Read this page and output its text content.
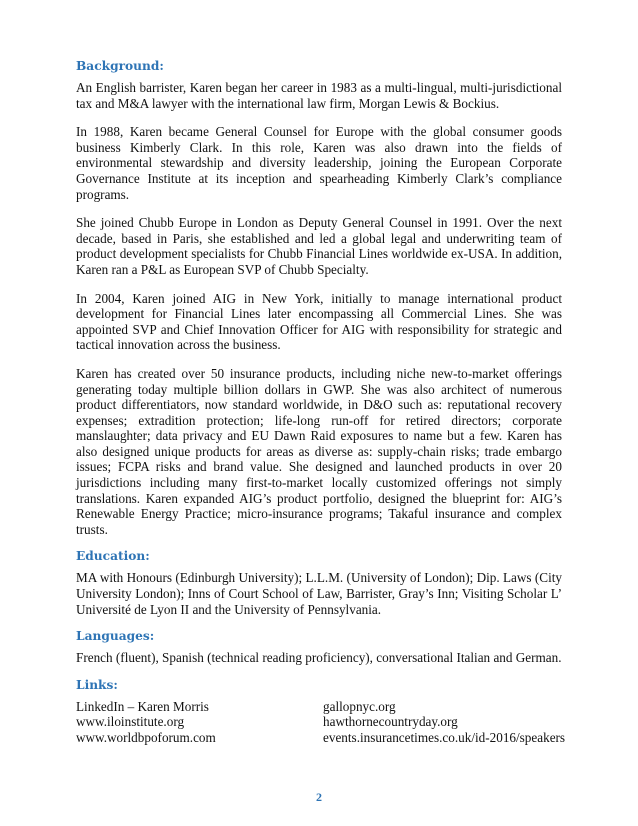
Background:

An English barrister, Karen began her career in 1983 as a multi-lingual, multi-jurisdictional tax and M&A lawyer with the international law firm, Morgan Lewis & Bockius.

In 1988, Karen became General Counsel for Europe with the global consumer goods business Kimberly Clark. In this role, Karen was also drawn into the fields of environmental stewardship and diversity leadership, joining the European Corporate Governance Institute at its inception and spearheading Kimberly Clark’s compliance programs.

She joined Chubb Europe in London as Deputy General Counsel in 1991. Over the next decade, based in Paris, she established and led a global legal and underwriting team of product development specialists for Chubb Financial Lines worldwide ex-USA. In addition, Karen ran a P&L as European SVP of Chubb Specialty.

In 2004, Karen joined AIG in New York, initially to manage international product development for Financial Lines later encompassing all Commercial Lines. She was appointed SVP and Chief Innovation Officer for AIG with responsibility for strategic and tactical innovation across the business.

Karen has created over 50 insurance products, including niche new-to-market offerings generating today multiple billion dollars in GWP. She was also architect of numerous product differentiators, now standard worldwide, in D&O such as: reputational recovery expenses; extradition protection; life-long run-off for retired directors; corporate manslaughter; data privacy and EU Dawn Raid exposures to name but a few. Karen has also designed unique products for areas as diverse as: supply-chain risks; trade embargo issues; FCPA risks and brand value. She designed and launched products in over 20 jurisdictions including many first-to-market locally customized offerings not simply translations. Karen expanded AIG’s product portfolio, designed the blueprint for: AIG’s Renewable Energy Practice; micro-insurance programs; Takaful insurance and complex trusts.

Education:

MA with Honours (Edinburgh University); L.L.M. (University of London); Dip. Laws (City University London); Inns of Court School of Law, Barrister, Gray’s Inn; Visiting Scholar L’ Université de Lyon II and the University of Pennsylvania.

Languages:

French (fluent), Spanish (technical reading proficiency), conversational Italian and German.

Links:
LinkedIn – Karen Morris	gallopnyc.org
www.iloinstitute.org	hawthornecountryday.org
www.worldbpoforum.com	events.insurancetimes.co.uk/id-2016/speakers
2
